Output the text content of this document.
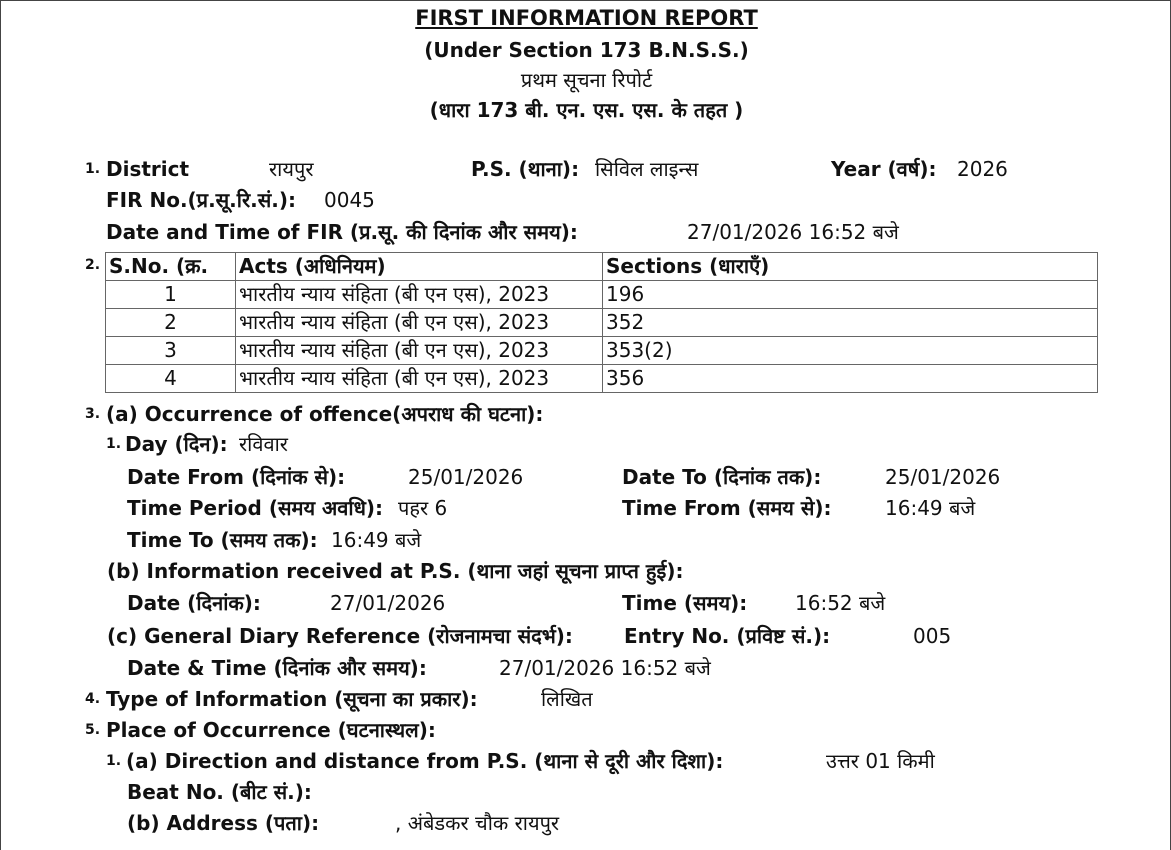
FIRST INFORMATION REPORT
(Under Section 173 B.N.S.S.)
प्रथम सूचना रिपोर्ट
(धारा 173 बी. एन. एस. एस. के तहत )
1. District	रायपुर	P.S. (थाना): सिविल लाइन्स	Year (वर्ष): 2026
FIR No.(प्र.सू.रि.सं.): 0045
Date and Time of FIR (प्र.सू. की दिनांक और समय):	27/01/2026 16:52 बजे
2. S.No. (क्र.	Acts (अधिनियम)	Sections (धाराएँ)
1	भारतीय न्याय संहिता (बी एन एस), 2023	196
2	भारतीय न्याय संहिता (बी एन एस), 2023	352
3	भारतीय न्याय संहिता (बी एन एस), 2023	353(2)
4	भारतीय न्याय संहिता (बी एन एस), 2023	356
3. (a) Occurrence of offence(अपराध की घटना):
1. Day (दिन): रविवार
Date From (दिनांक से):	25/01/2026	Date To (दिनांक तक):	25/01/2026
Time Period (समय अवधि): पहर 6	Time From (समय से):	16:49 बजे
Time To (समय तक): 16:49 बजे
(b) Information received at P.S. (थाना जहां सूचना प्राप्त हुई):
Date (दिनांक):	27/01/2026	Time (समय): 16:52 बजे
(c) General Diary Reference (रोजनामचा संदर्भ):	Entry No. (प्रविष्ट सं.):	005
Date & Time (दिनांक और समय):	27/01/2026 16:52 बजे
4. Type of Information (सूचना का प्रकार):	लिखित
5. Place of Occurrence (घटनास्थल):
1. (a) Direction and distance from P.S. (थाना से दूरी और दिशा):	उत्तर 01 किमी
Beat No. (बीट सं.):
(b) Address (पता):	, अंबेडकर चौक रायपुर
